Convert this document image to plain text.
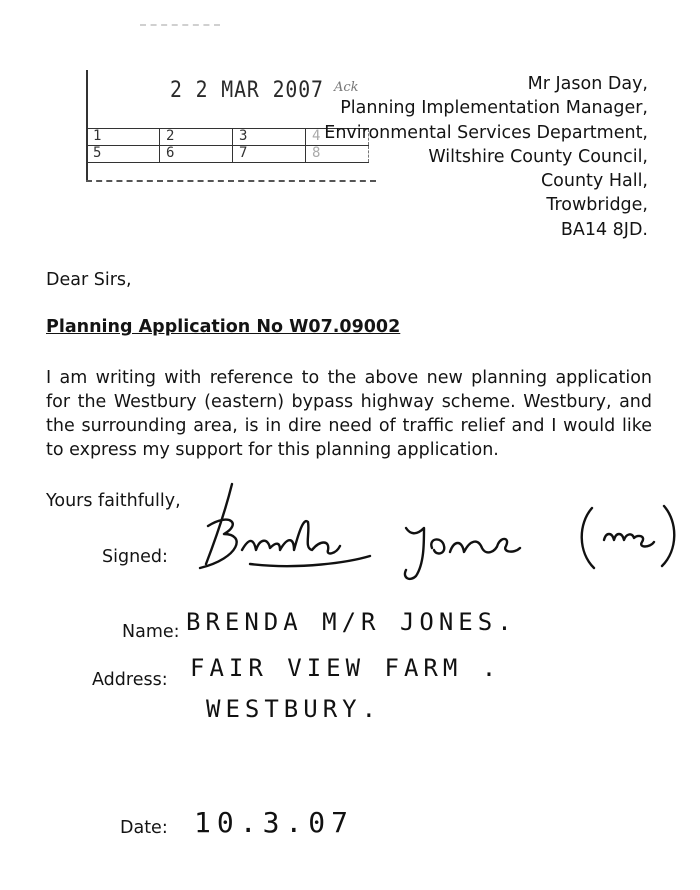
2 2 MAR 2007 Ack
1	2	3	4
5	6	7	8
Mr Jason Day,
Planning Implementation Manager,
Environmental Services Department,
Wiltshire County Council,
County Hall,
Trowbridge,
BA14 8JD.
Dear Sirs,
Planning Application No W07.09002
I am writing with reference to the above new planning application for the Westbury (eastern) bypass highway scheme. Westbury, and the surrounding area, is in dire need of traffic relief and I would like to express my support for this planning application.
Yours faithfully,
Signed:
Name: BRENDA M/R JONES.
Address: FAIR VIEW FARM .
WESTBURY.
Date: 10.3.07
